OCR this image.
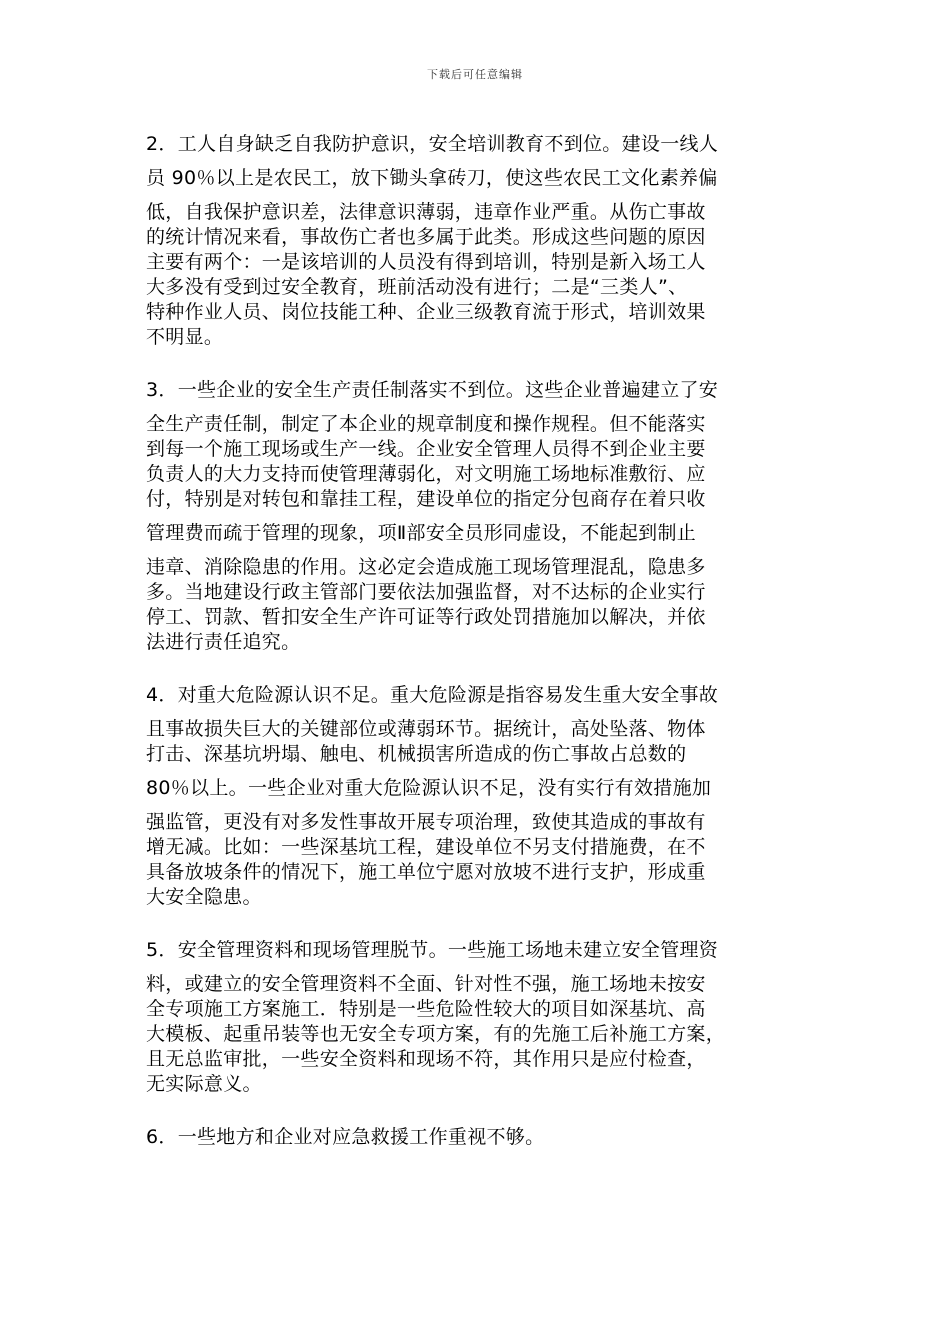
下载后可任意编辑
2．工人自身缺乏自我防护意识，安全培训教育不到位。建设一线人
员 90％以上是农民工，放下锄头拿砖刀，使这些农民工文化素养偏
低，自我保护意识差，法律意识薄弱，违章作业严重。从伤亡事故
的统计情况来看，事故伤亡者也多属于此类。形成这些问题的原因
主要有两个：一是该培训的人员没有得到培训，特别是新入场工人
大多没有受到过安全教育，班前活动没有进行；二是“三类人”、
特种作业人员、岗位技能工种、企业三级教育流于形式，培训效果
不明显。
3．一些企业的安全生产责任制落实不到位。这些企业普遍建立了安
全生产责任制，制定了本企业的规章制度和操作规程。但不能落实
到每一个施工现场或生产一线。企业安全管理人员得不到企业主要
负责人的大力支持而使管理薄弱化，对文明施工场地标准敷衍、应
付，特别是对转包和靠挂工程，建设单位的指定分包商存在着只收
管理费而疏于管理的现象，项Ⅱ部安全员形同虚设，不能起到制止
违章、消除隐患的作用。这必定会造成施工现场管理混乱，隐患多
多。当地建设行政主管部门要依法加强监督，对不达标的企业实行
停工、罚款、暂扣安全生产许可证等行政处罚措施加以解决，并依
法进行责任追究。
4．对重大危险源认识不足。重大危险源是指容易发生重大安全事故
且事故损失巨大的关键部位或薄弱环节。据统计，高处坠落、物体
打击、深基坑坍塌、触电、机械损害所造成的伤亡事故占总数的
80％以上。一些企业对重大危险源认识不足，没有实行有效措施加
强监管，更没有对多发性事故开展专项治理，致使其造成的事故有
增无减。比如：一些深基坑工程，建设单位不另支付措施费，在不
具备放坡条件的情况下，施工单位宁愿对放坡不进行支护，形成重
大安全隐患。
5．安全管理资料和现场管理脱节。一些施工场地未建立安全管理资
料，或建立的安全管理资料不全面、针对性不强，施工场地未按安
全专项施工方案施工．特别是一些危险性较大的项目如深基坑、高
大模板、起重吊装等也无安全专项方案，有的先施工后补施工方案，
且无总监审批，一些安全资料和现场不符，其作用只是应付检查，
无实际意义。
6．一些地方和企业对应急救援工作重视不够。
